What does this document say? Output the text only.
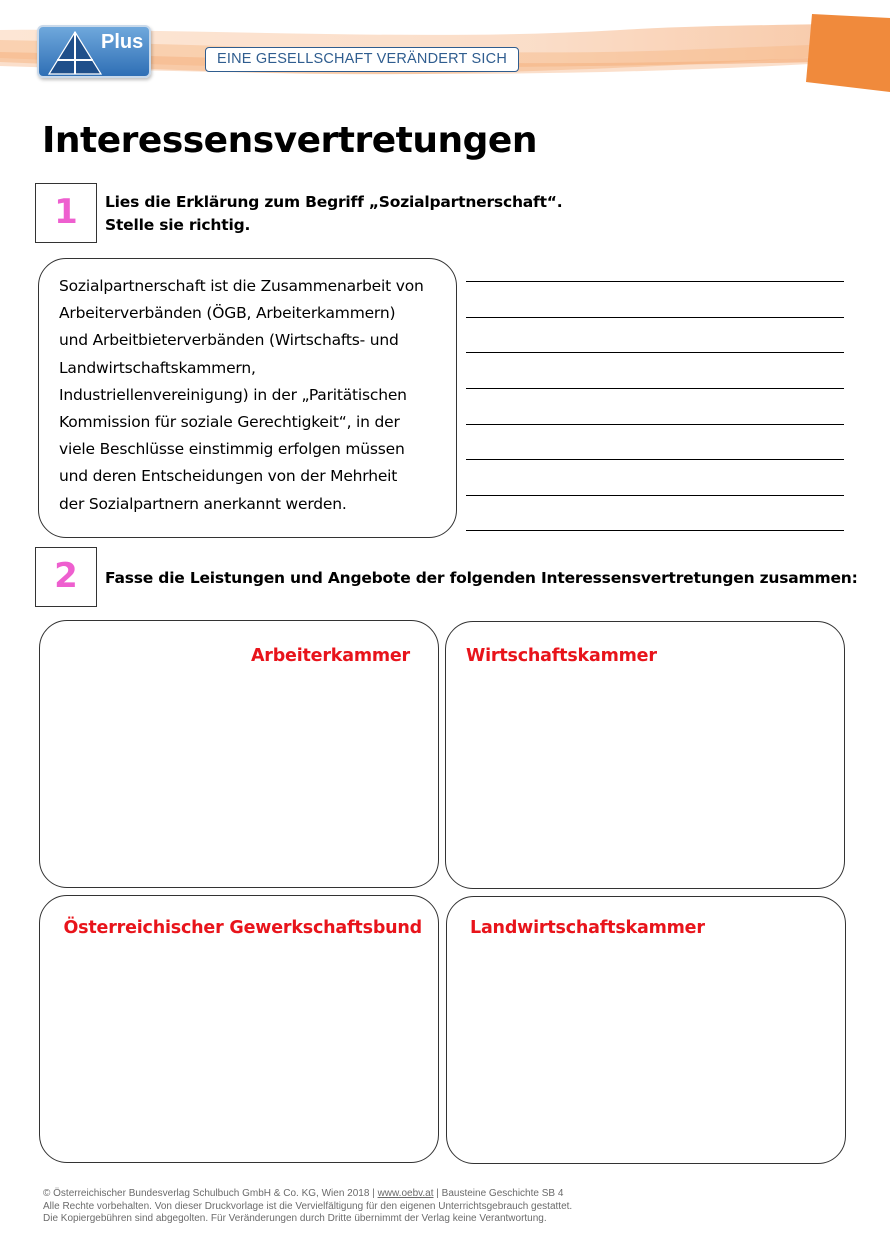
Plus
EINE GESELLSCHAFT VERÄNDERT SICH
Interessensvertretungen
1	Lies die Erklärung zum Begriff „Sozialpartnerschaft“.
Stelle sie richtig.
Sozialpartnerschaft ist die Zusammenarbeit von
Arbeiterverbänden (ÖGB, Arbeiterkammern)
und Arbeitbieterverbänden (Wirtschafts- und
Landwirtschaftskammern,
Industriellenvereinigung) in der „Paritätischen
Kommission für soziale Gerechtigkeit“, in der
viele Beschlüsse einstimmig erfolgen müssen
und deren Entscheidungen von der Mehrheit
der Sozialpartnern anerkannt werden.
2	Fasse die Leistungen und Angebote der folgenden Interessensvertretungen zusammen:
Arbeiterkammer	Wirtschaftskammer
Österreichischer Gewerkschaftsbund	Landwirtschaftskammer
© Österreichischer Bundesverlag Schulbuch GmbH & Co. KG, Wien 2018 | www.oebv.at | Bausteine Geschichte SB 4
Alle Rechte vorbehalten. Von dieser Druckvorlage ist die Vervielfältigung für den eigenen Unterrichtsgebrauch gestattet.
Die Kopiergebühren sind abgegolten. Für Veränderungen durch Dritte übernimmt der Verlag keine Verantwortung.
